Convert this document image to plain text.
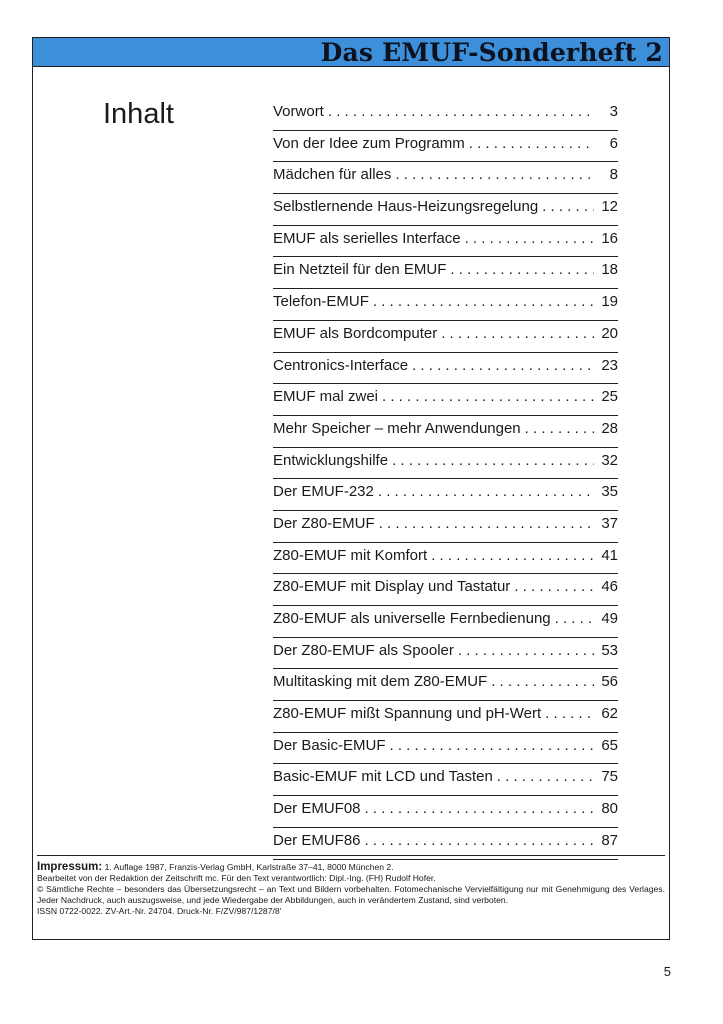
Das EMUF-Sonderheft 2
Inhalt	Vorwort . . .	3
Von der Idee zum Programm . . .	6
Mädchen für alles . . .	8
Selbstlernende Haus-Heizungsregelung . . .	12
EMUF als serielles Interface . . .	16
Ein Netzteil für den EMUF . . .	18
Telefon-EMUF . . .	19
EMUF als Bordcomputer . . .	20
Centronics-Interface . . .	23
EMUF mal zwei . . .	25
Mehr Speicher – mehr Anwendungen . . .	28
Entwicklungshilfe . . .	32
Der EMUF-232 . . .	35
Der Z80-EMUF . . .	37
Z80-EMUF mit Komfort . . .	41
Z80-EMUF mit Display und Tastatur . . .	46
Z80-EMUF als universelle Fernbedienung . . .	49
Der Z80-EMUF als Spooler . . .	53
Multitasking mit dem Z80-EMUF . . .	56
Z80-EMUF mißt Spannung und pH-Wert . . .	62
Der Basic-EMUF . . .	65
Basic-EMUF mit LCD und Tasten . . .	75
Der EMUF08 . . .	80
Der EMUF86 . . .	87
Impressum: 1. Auflage 1987, Franzis-Verlag GmbH, Karlstraße 37–41, 8000 München 2.
Bearbeitet von der Redaktion der Zeitschrift mc. Für den Text verantwortlich: Dipl.-Ing. (FH) Rudolf Hofer.
© Sämtliche Rechte – besonders das Übersetzungsrecht – an Text und Bildern vorbehalten. Fotomechanische Vervielfältigung nur mit Genehmigung des Verlages.
Jeder Nachdruck, auch auszugsweise, und jede Wiedergabe der Abbildungen, auch in verändertem Zustand, sind verboten.
ISSN 0722-0022. ZV-Art.-Nr. 24704. Druck-Nr. F/ZV/987/1287/8'
5
